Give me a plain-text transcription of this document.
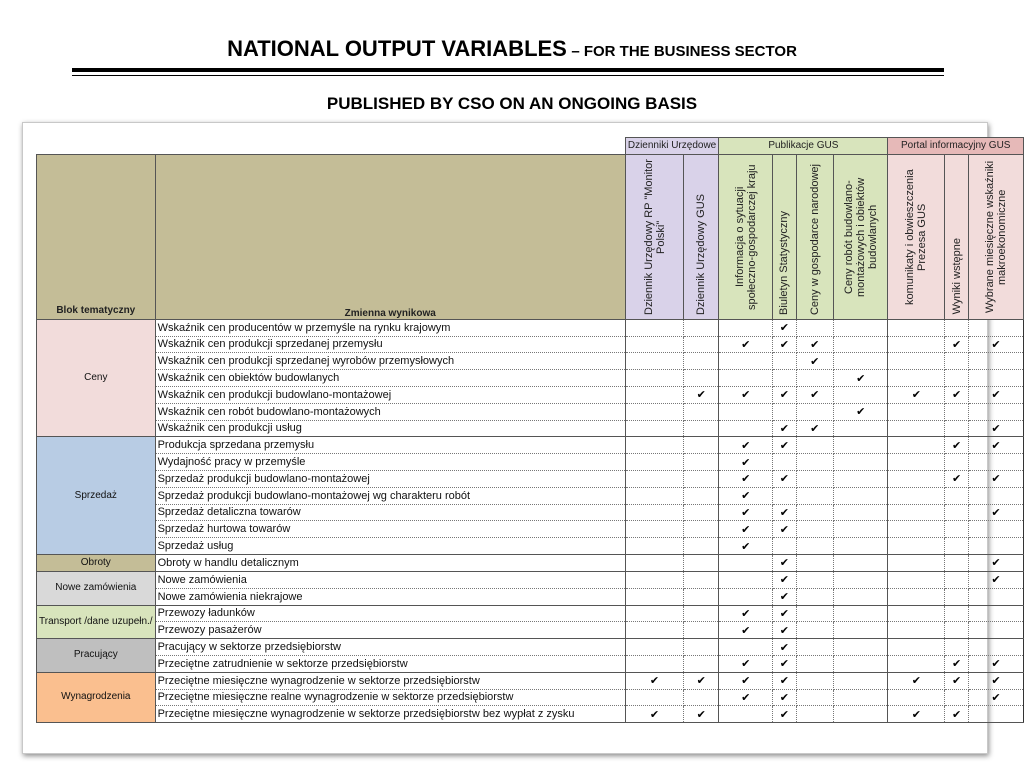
NATIONAL OUTPUT VARIABLES – FOR THE BUSINESS SECTOR
PUBLISHED BY CSO ON AN ONGOING BASIS
		Dzienniki Urzędowe		Publikacje GUS				Portal informacyjny GUS		
Blok tematyczny	Zmienna wynikowa	Dziennik Urzędowy RP "Monitor Polski"	Dziennik Urzędowy GUS	Informacja o sytuacji społeczno-gospodarczej kraju	Biuletyn Statystyczny	Ceny w gospodarce narodowej	Ceny robót budowlano-montażowych i obiektów budowlanych	komunikaty i obwieszczenia Prezesa GUS	Wyniki wstępne	Wybrane miesięczne wskaźniki makroekonomiczne

Ceny	Wskaźnik cen producentów w przemyśle na rynku krajowym				✔					
	Wskaźnik cen produkcji sprzedanej przemysłu			✔	✔	✔			✔	✔
	Wskaźnik cen produkcji sprzedanej wyrobów przemysłowych					✔				
	Wskaźnik cen obiektów budowlanych						✔			
	Wskaźnik cen produkcji budowlano-montażowej		✔	✔	✔	✔		✔	✔	✔
	Wskaźnik cen robót budowlano-montażowych						✔			
	Wskaźnik cen produkcji usług				✔	✔				✔
Sprzedaż	Produkcja sprzedana przemysłu			✔	✔				✔	✔
	Wydajność pracy w przemyśle			✔						
	Sprzedaż produkcji budowlano-montażowej			✔	✔				✔	✔
	Sprzedaż produkcji budowlano-montażowej wg charakteru robót			✔						
	Sprzedaż detaliczna towarów			✔	✔					✔
	Sprzedaż hurtowa towarów			✔	✔					
	Sprzedaż usług			✔						
Obroty	Obroty w handlu detalicznym				✔					✔
Nowe zamówienia	Nowe zamówienia				✔					✔
	Nowe zamówienia niekrajowe				✔					
Transport /dane uzupełn./	Przewozy ładunków			✔	✔					
	Przewozy pasażerów			✔	✔					
Pracujący	Pracujący w sektorze przedsiębiorstw				✔					
	Przeciętne zatrudnienie w sektorze przedsiębiorstw			✔	✔				✔	✔
Wynagrodzenia	Przeciętne miesięczne wynagrodzenie w sektorze przedsiębiorstw	✔	✔	✔	✔			✔	✔	✔
	Przeciętne miesięczne realne wynagrodzenie w sektorze przedsiębiorstw			✔	✔					✔
	Przeciętne miesięczne wynagrodzenie w sektorze przedsiębiorstw bez wypłat z zysku	✔	✔		✔			✔	✔	
